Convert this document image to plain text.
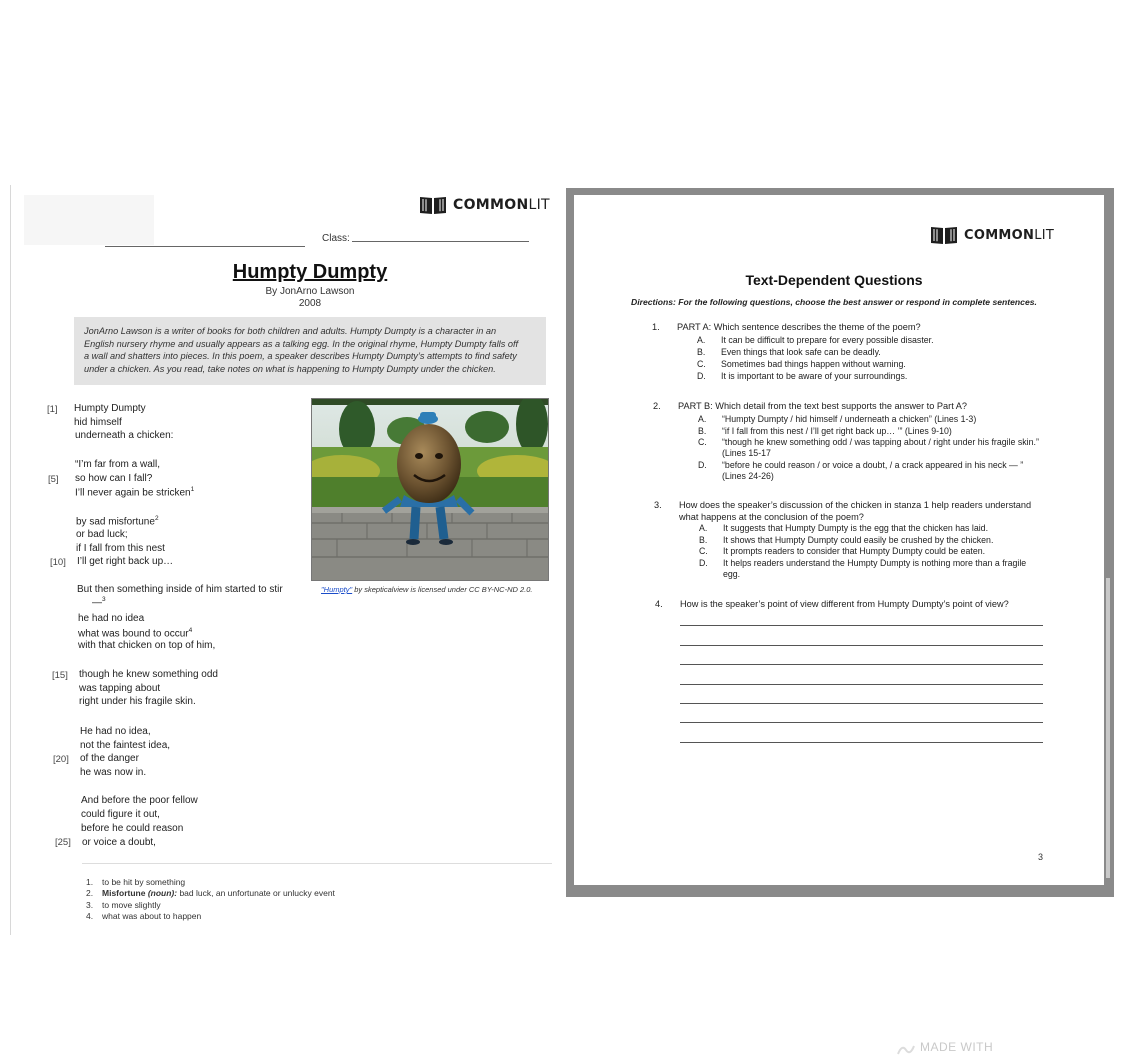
COMMONLIT
Class:
Humpty Dumpty
By JonArno Lawson
2008
JonArno Lawson is a writer of books for both children and adults. Humpty Dumpty is a character in an
English nursery rhyme and usually appears as a talking egg. In the original rhyme, Humpty Dumpty falls off
a wall and shatters into pieces. In this poem, a speaker describes Humpty Dumpty’s attempts to find safety
under a chicken. As you read, take notes on what is happening to Humpty Dumpty under the chicken.
[1]
[5]
[10]
[15]
[20]
[25]
Humpty Dumpty
hid himself
underneath a chicken:
“I’m far from a wall,
so how can I fall?
I’ll never again be stricken$^1$
by sad misfortune$^2$
or bad luck;
if I fall from this nest
I’ll get right back up…
But then something inside of him started to stir
—$^3$
he had no idea
what was bound to occur$^4$
with that chicken on top of him,
though he knew something odd
was tapping about
right under his fragile skin.
He had no idea,
not the faintest idea,
of the danger
he was now in.
And before the poor fellow
could figure it out,
before he could reason
or voice a doubt,
"Humpty" by skepticalview is licensed under CC BY-NC-ND 2.0.
1. to be hit by something
2. Misfortune (noun): bad luck, an unfortunate or unlucky event
3. to move slightly
4. what was about to happen
COMMONLIT
Text-Dependent Questions
Directions: For the following questions, choose the best answer or respond in complete sentences.
1. PART A: Which sentence describes the theme of the poem?
A. It can be difficult to prepare for every possible disaster.
B. Even things that look safe can be deadly.
C. Sometimes bad things happen without warning.
D. It is important to be aware of your surroundings.
2. PART B: Which detail from the text best supports the answer to Part A?
A. “Humpty Dumpty / hid himself / underneath a chicken” (Lines 1-3)
B. “if I fall from this nest / I’ll get right back up… ’” (Lines 9-10)
C. “though he knew something odd / was tapping about / right under his fragile skin.” (Lines 15-17
D. “before he could reason / or voice a doubt, / a crack appeared in his neck — ” (Lines 24-26)
3. How does the speaker’s discussion of the chicken in stanza 1 help readers understand what happens at the conclusion of the poem?
A. It suggests that Humpty Dumpty is the egg that the chicken has laid.
B. It shows that Humpty Dumpty could easily be crushed by the chicken.
C. It prompts readers to consider that Humpty Dumpty could be eaten.
D. It helps readers understand the Humpty Dumpty is nothing more than a fragile egg.
4. How is the speaker’s point of view different from Humpty Dumpty’s point of view?
3
MADE WITH
